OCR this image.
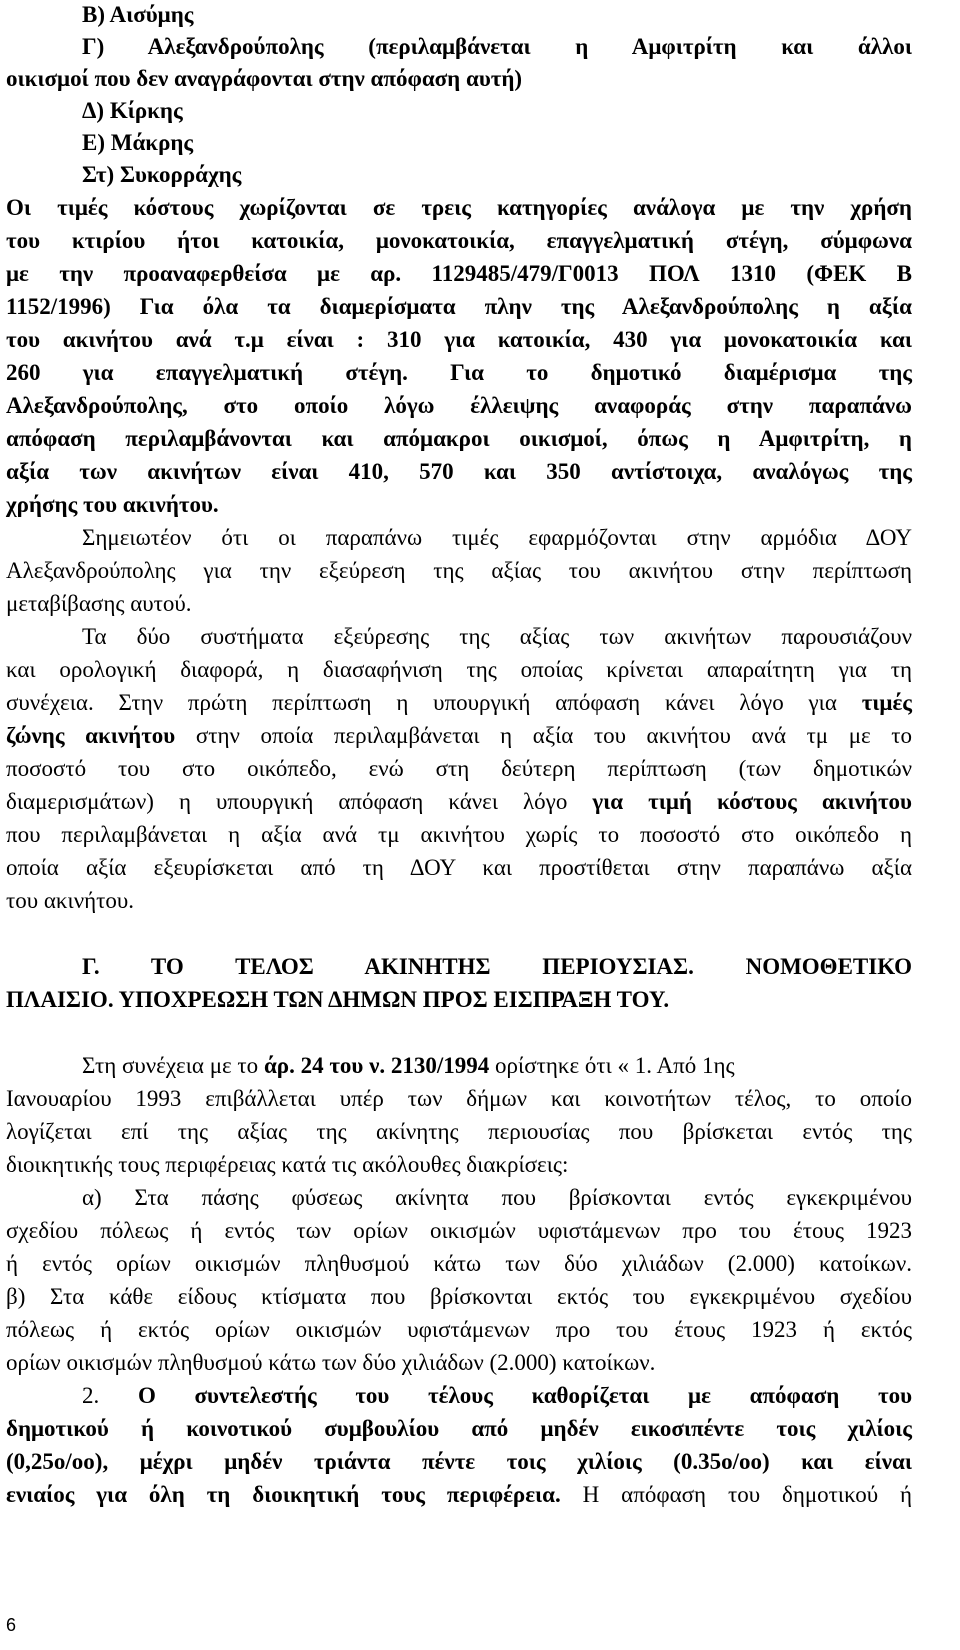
Β) Αισύμης
Γ) Αλεξανδρούπολης (περιλαμβάνεται η Αμφιτρίτη και άλλοι
οικισμοί που δεν αναγράφονται στην απόφαση αυτή)
Δ) Κίρκης
Ε) Μάκρης
Στ) Συκορράχης
Οι τιμές κόστους χωρίζονται σε τρεις κατηγορίες ανάλογα με την χρήση
του κτιρίου ήτοι κατοικία, μονοκατοικία, επαγγελματική στέγη, σύμφωνα
με την προαναφερθείσα με αρ. 1129485/479/Γ0013 ΠΟΛ 1310 (ΦΕΚ Β
1152/1996) Για όλα τα διαμερίσματα πλην της Αλεξανδρούπολης η αξία
του ακινήτου ανά τ.μ είναι : 310 για κατοικία, 430 για μονοκατοικία και
260 για επαγγελματική στέγη. Για το δημοτικό διαμέρισμα της
Αλεξανδρούπολης, στο οποίο λόγω έλλειψης αναφοράς στην παραπάνω
απόφαση περιλαμβάνονται και απόμακροι οικισμοί, όπως η Αμφιτρίτη, η
αξία των ακινήτων είναι 410, 570 και 350 αντίστοιχα, αναλόγως της
χρήσης του ακινήτου.
Σημειωτέον ότι οι παραπάνω τιμές εφαρμόζονται στην αρμόδια ΔΟΥ
Αλεξανδρούπολης για την εξεύρεση της αξίας του ακινήτου στην περίπτωση
μεταβίβασης αυτού.
Τα δύο συστήματα εξεύρεσης της αξίας των ακινήτων παρουσιάζουν
και ορολογική διαφορά, η διασαφήνιση της οποίας κρίνεται απαραίτητη για τη
συνέχεια. Στην πρώτη περίπτωση η υπουργική απόφαση κάνει λόγο για τιμές
ζώνης ακινήτου στην οποία περιλαμβάνεται η αξία του ακινήτου ανά τμ με το
ποσοστό του στο οικόπεδο, ενώ στη δεύτερη περίπτωση (των δημοτικών
διαμερισμάτων) η υπουργική απόφαση κάνει λόγο για τιμή κόστους ακινήτου
που περιλαμβάνεται η αξία ανά τμ ακινήτου χωρίς το ποσοστό στο οικόπεδο η
οποία αξία εξευρίσκεται από τη ΔΟΥ και προστίθεται στην παραπάνω αξία
του ακινήτου.
Γ. ΤΟ ΤΕΛΟΣ ΑΚΙΝΗΤΗΣ ΠΕΡΙΟΥΣΙΑΣ. ΝΟΜΟΘΕΤΙΚΟ
ΠΛΑΙΣΙΟ. ΥΠΟΧΡΕΩΣΗ ΤΩΝ ΔΗΜΩΝ ΠΡΟΣ ΕΙΣΠΡΑΞΗ ΤΟΥ.
Στη συνέχεια με το άρ. 24 του ν. 2130/1994 ορίστηκε ότι « 1. Από 1ης
Ιανουαρίου 1993 επιβάλλεται υπέρ των δήμων και κοινοτήτων τέλος, το οποίο
λογίζεται επί της αξίας της ακίνητης περιουσίας που βρίσκεται εντός της
διοικητικής τους περιφέρειας κατά τις ακόλουθες διακρίσεις:
α) Στα πάσης φύσεως ακίνητα που βρίσκονται εντός εγκεκριμένου
σχεδίου πόλεως ή εντός των ορίων οικισμών υφιστάμενων προ του έτους 1923
ή εντός ορίων οικισμών πληθυσμού κάτω των δύο χιλιάδων (2.000) κατοίκων.
β) Στα κάθε είδους κτίσματα που βρίσκονται εκτός του εγκεκριμένου σχεδίου
πόλεως ή εκτός ορίων οικισμών υφιστάμενων προ του έτους 1923 ή εκτός
ορίων οικισμών πληθυσμού κάτω των δύο χιλιάδων (2.000) κατοίκων.
2. Ο συντελεστής του τέλους καθορίζεται με απόφαση του
δημοτικού ή κοινοτικού συμβουλίου από μηδέν εικοσιπέντε τοις χιλίοις
(0,25ο/οο), μέχρι μηδέν τριάντα πέντε τοις χιλίοις (0.35ο/οο) και είναι
ενιαίος για όλη τη διοικητική τους περιφέρεια. Η απόφαση του δημοτικού ή
6
